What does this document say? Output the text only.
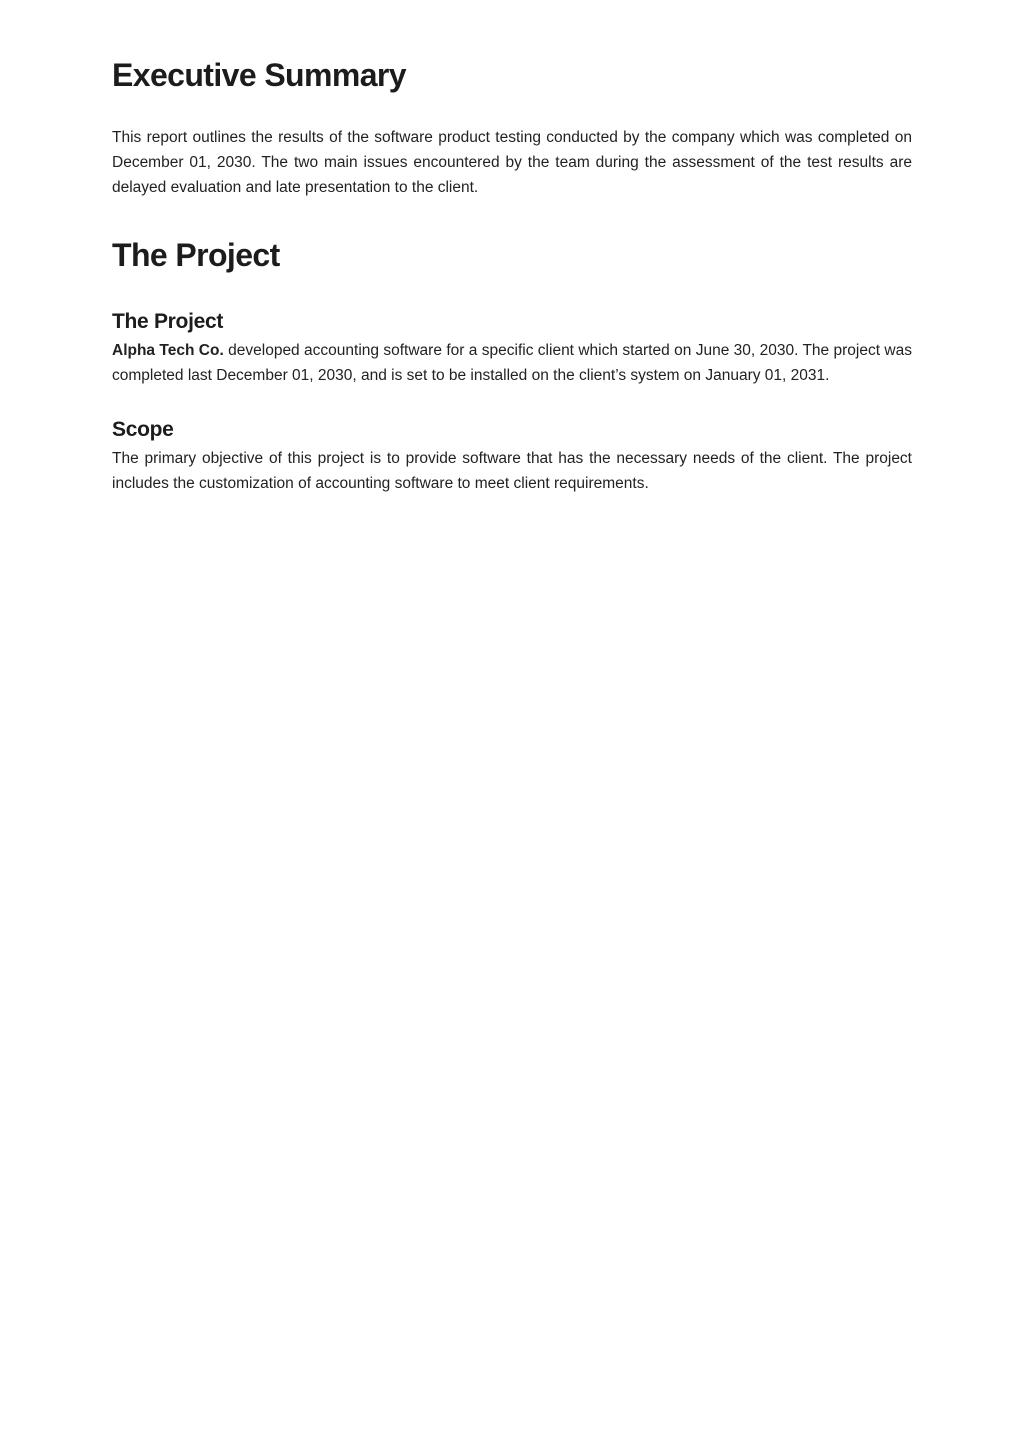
Executive Summary

This report outlines the results of the software product testing conducted by the company which was completed on December 01, 2030. The two main issues encountered by the team during the assessment of the test results are delayed evaluation and late presentation to the client.

The Project
The Project

Alpha Tech Co. developed accounting software for a specific client which started on June 30, 2030. The project was completed last December 01, 2030, and is set to be installed on the client’s system on January 01, 2031.

Scope

The primary objective of this project is to provide software that has the necessary needs of the client. The project includes the customization of accounting software to meet client requirements.
